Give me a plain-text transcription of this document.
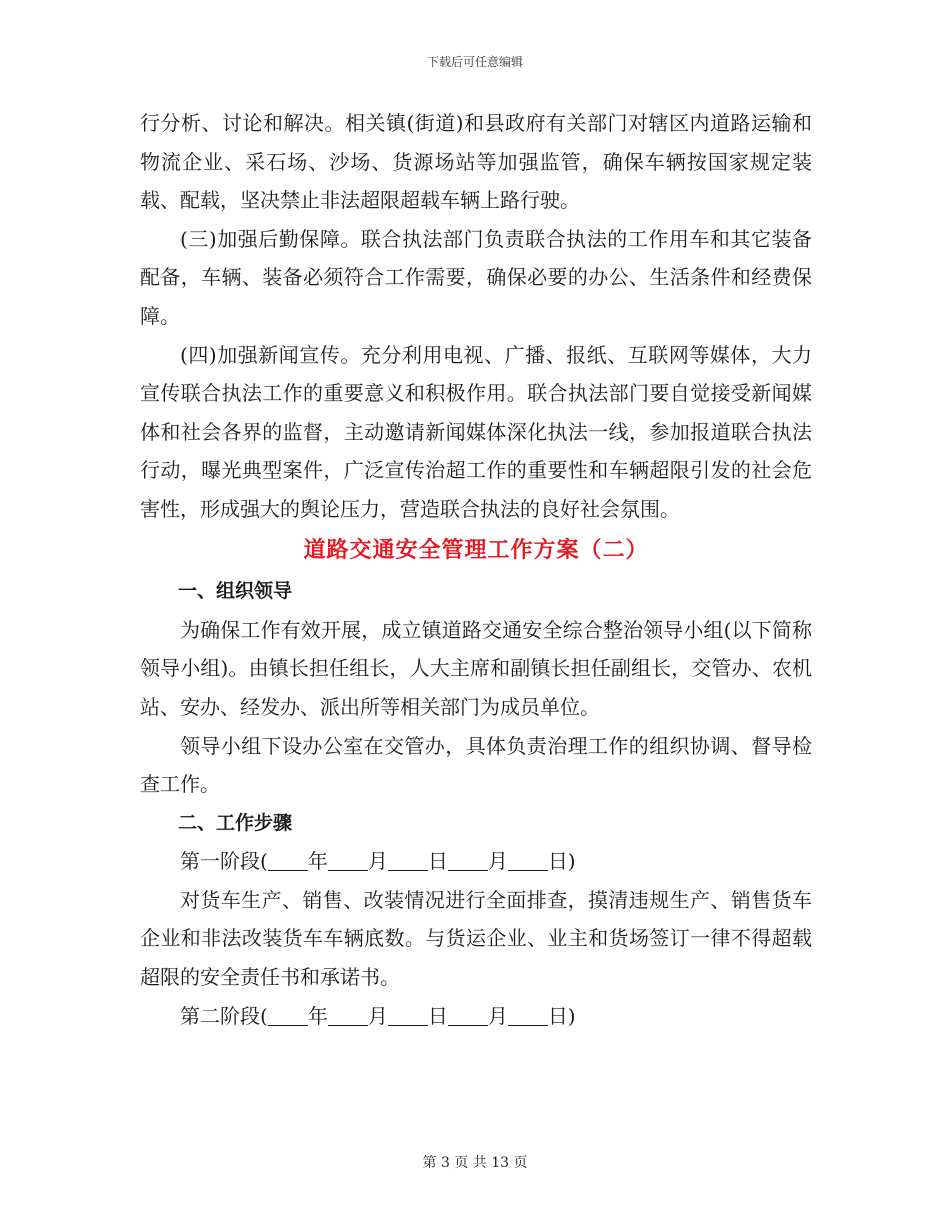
下载后可任意编辑

行分析、讨论和解决。相关镇(街道)和县政府有关部门对辖区内道路运输和物流企业、采石场、沙场、货源场站等加强监管，确保车辆按国家规定装载、配载，坚决禁止非法超限超载车辆上路行驶。

(三)加强后勤保障。联合执法部门负责联合执法的工作用车和其它装备配备，车辆、装备必须符合工作需要，确保必要的办公、生活条件和经费保障。

(四)加强新闻宣传。充分利用电视、广播、报纸、互联网等媒体，大力宣传联合执法工作的重要意义和积极作用。联合执法部门要自觉接受新闻媒体和社会各界的监督，主动邀请新闻媒体深化执法一线，参加报道联合执法行动，曝光典型案件，广泛宣传治超工作的重要性和车辆超限引发的社会危害性，形成强大的舆论压力，营造联合执法的良好社会氛围。

道路交通安全管理工作方案（二）

一、组织领导

为确保工作有效开展，成立镇道路交通安全综合整治领导小组(以下简称领导小组)。由镇长担任组长，人大主席和副镇长担任副组长，交管办、农机站、安办、经发办、派出所等相关部门为成员单位。

领导小组下设办公室在交管办，具体负责治理工作的组织协调、督导检查工作。

二、工作步骤

第一阶段( 年 月 日 月 日)

对货车生产、销售、改装情况进行全面排查，摸清违规生产、销售货车企业和非法改装货车车辆底数。与货运企业、业主和货场签订一律不得超载超限的安全责任书和承诺书。

第二阶段( 年 月 日 月 日)

第 3 页 共 13 页
